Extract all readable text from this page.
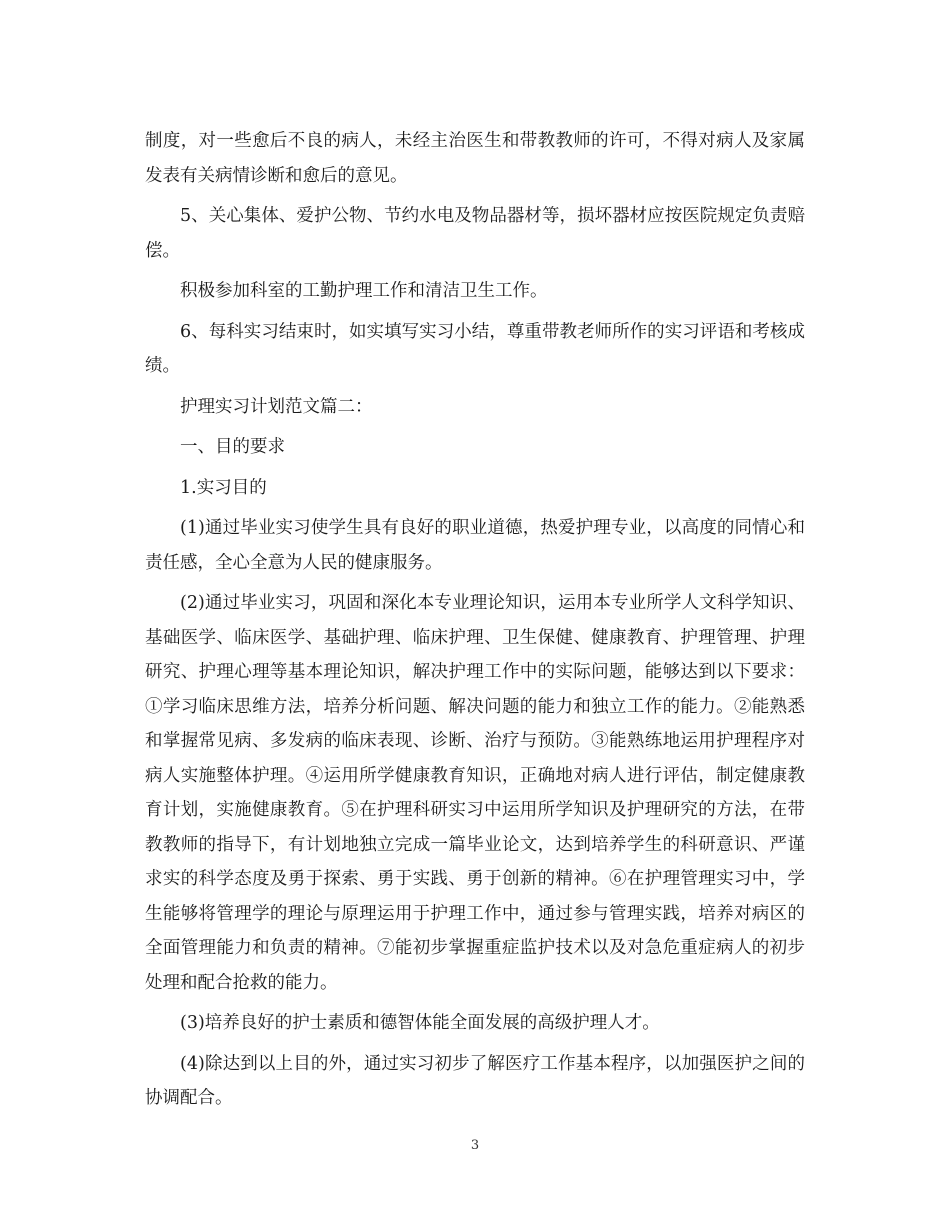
制度，对一些愈后不良的病人，未经主治医生和带教教师的许可，不得对病人及家属发表有关病情诊断和愈后的意见。

5、关心集体、爱护公物、节约水电及物品器材等，损坏器材应按医院规定负责赔偿。

积极参加科室的工勤护理工作和清洁卫生工作。

6、每科实习结束时，如实填写实习小结，尊重带教老师所作的实习评语和考核成绩。

护理实习计划范文篇二：

一、目的要求

1.实习目的

(1)通过毕业实习使学生具有良好的职业道德，热爱护理专业，以高度的同情心和责任感，全心全意为人民的健康服务。

(2)通过毕业实习，巩固和深化本专业理论知识，运用本专业所学人文科学知识、基础医学、临床医学、基础护理、临床护理、卫生保健、健康教育、护理管理、护理研究、护理心理等基本理论知识，解决护理工作中的实际问题，能够达到以下要求：①学习临床思维方法，培养分析问题、解决问题的能力和独立工作的能力。②能熟悉和掌握常见病、多发病的临床表现、诊断、治疗与预防。③能熟练地运用护理程序对病人实施整体护理。④运用所学健康教育知识，正确地对病人进行评估，制定健康教育计划，实施健康教育。⑤在护理科研实习中运用所学知识及护理研究的方法，在带教教师的指导下，有计划地独立完成一篇毕业论文，达到培养学生的科研意识、严谨求实的科学态度及勇于探索、勇于实践、勇于创新的精神。⑥在护理管理实习中，学生能够将管理学的理论与原理运用于护理工作中，通过参与管理实践，培养对病区的全面管理能力和负责的精神。⑦能初步掌握重症监护技术以及对急危重症病人的初步处理和配合抢救的能力。

(3)培养良好的护士素质和德智体能全面发展的高级护理人才。

(4)除达到以上目的外，通过实习初步了解医疗工作基本程序，以加强医护之间的协调配合。

3
